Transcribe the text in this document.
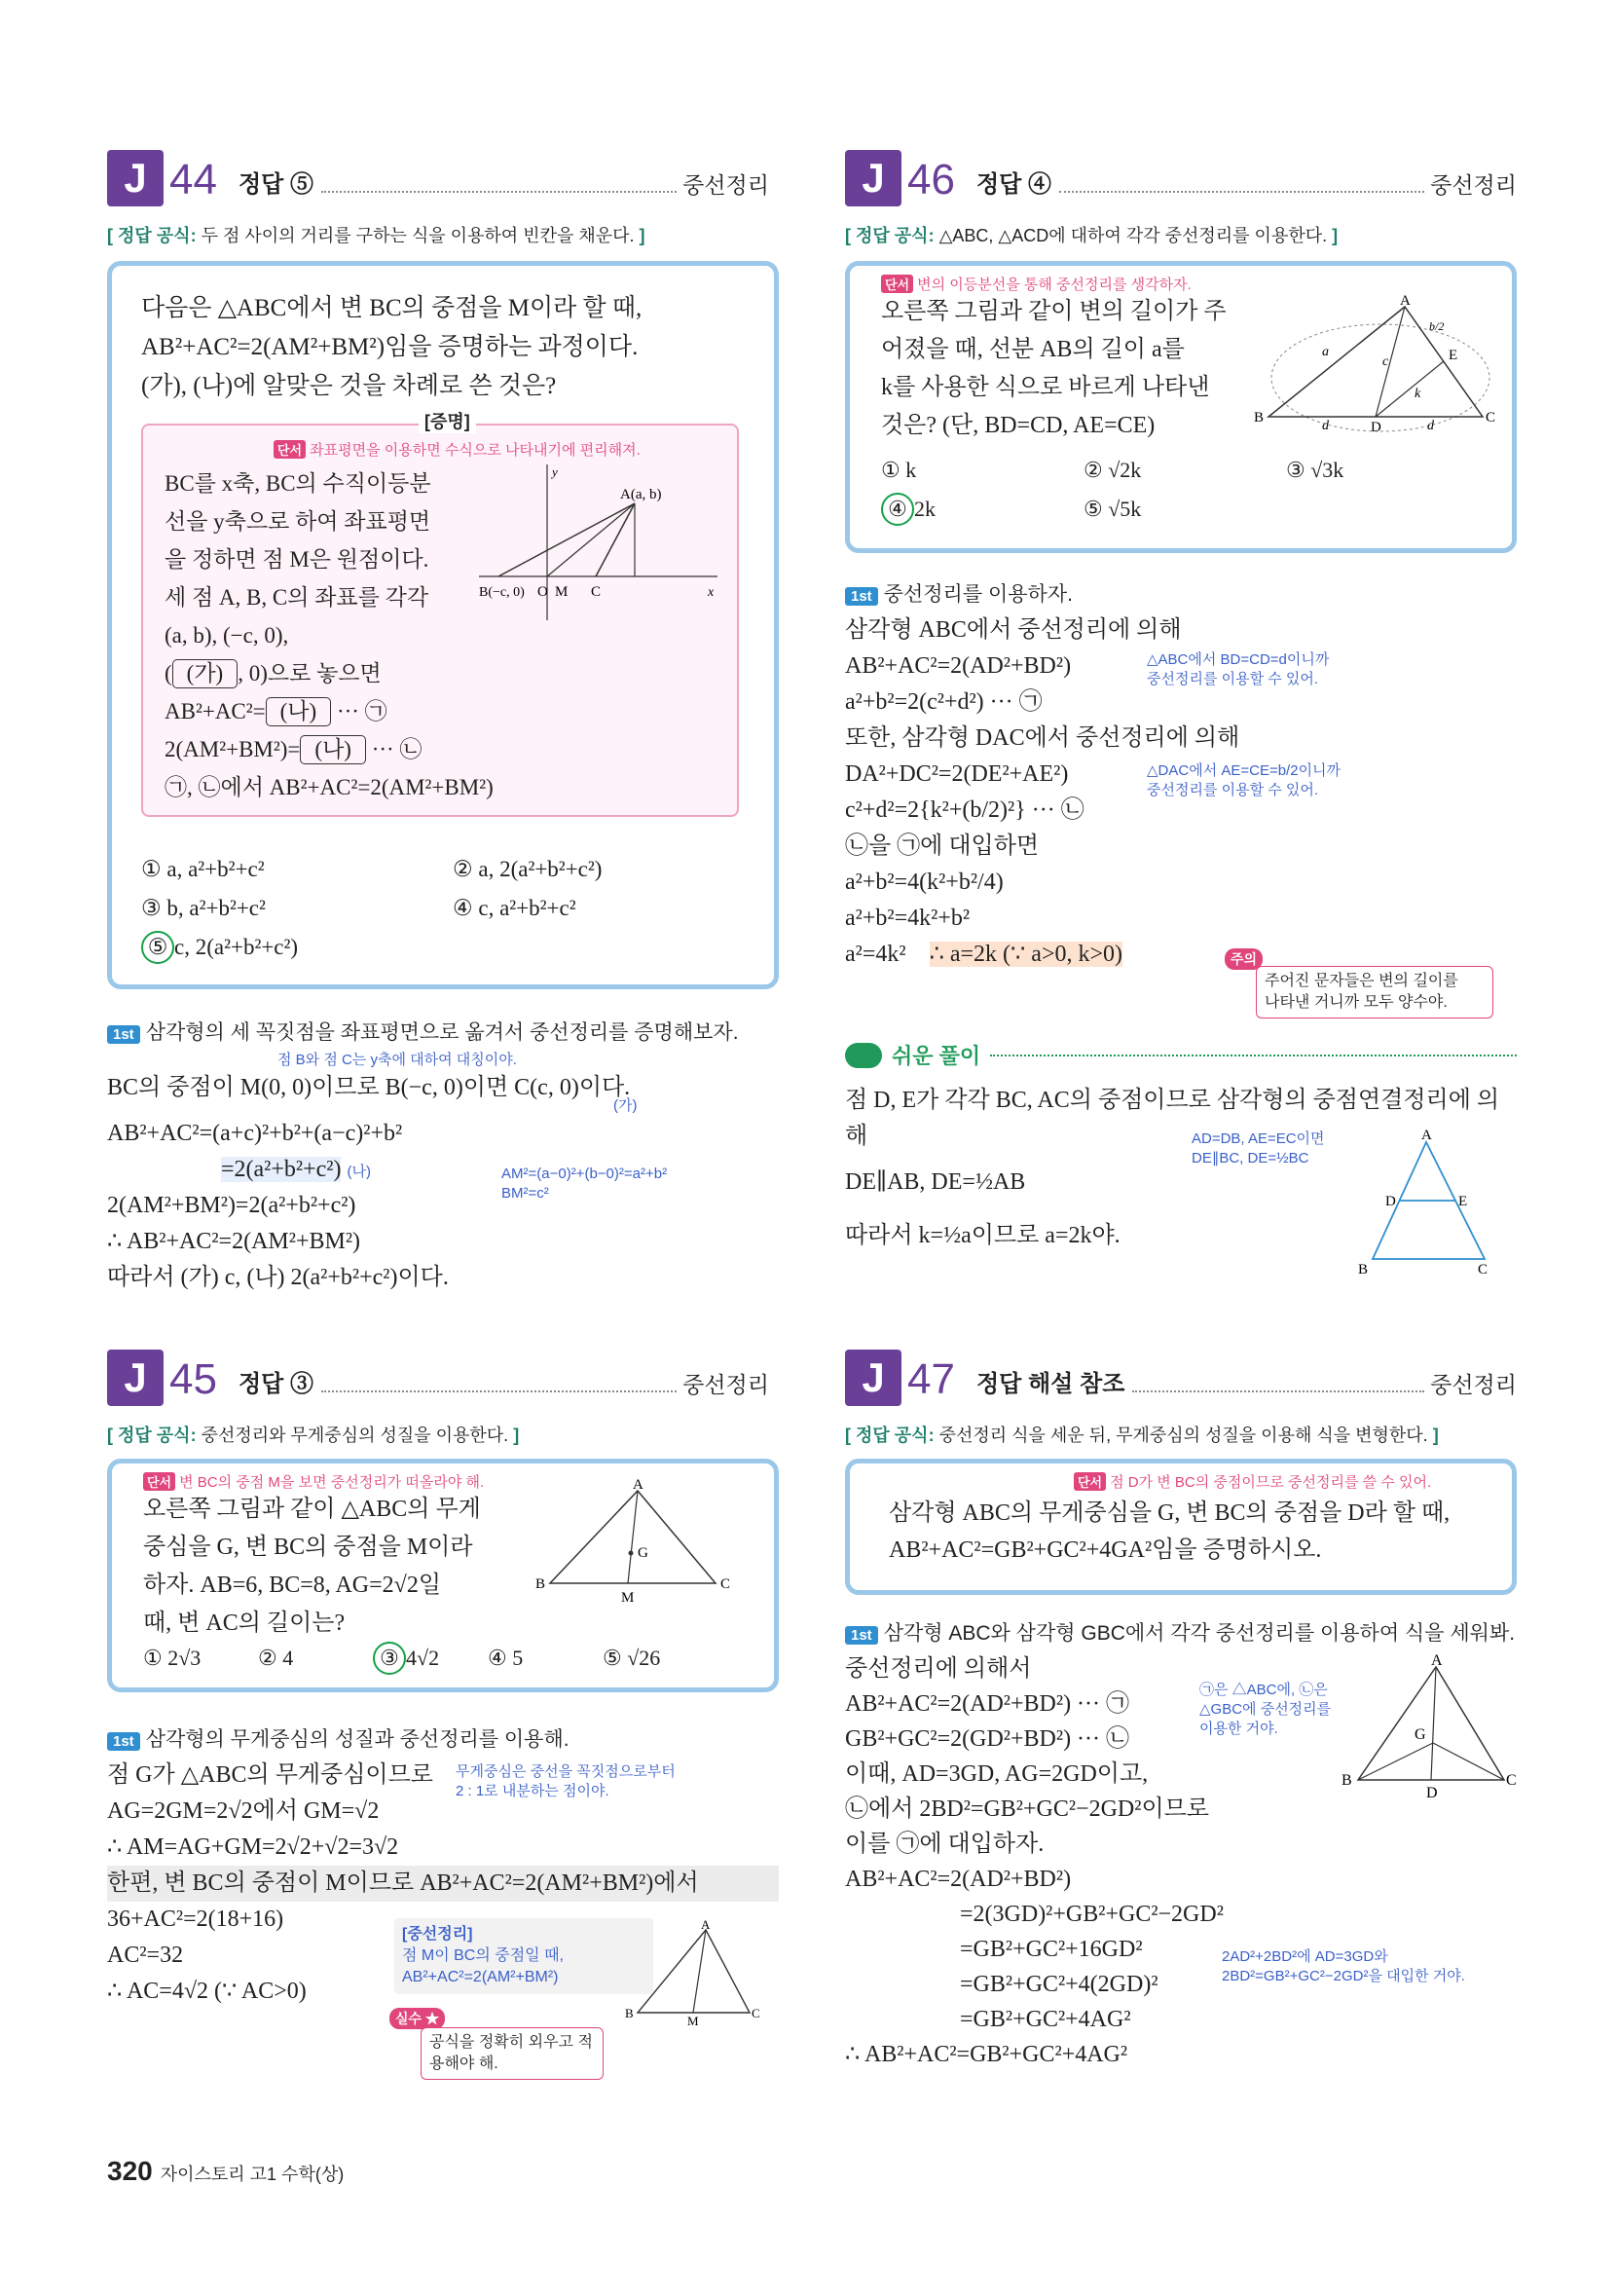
J 44 정답 ⑤	중선정리
[ 정답 공식: 두 점 사이의 거리를 구하는 식을 이용하여 빈칸을 채운다. ]
다음은 △ABC에서 변 BC의 중점을 M이라 할 때,
AB²+AC²=2(AM²+BM²)임을 증명하는 과정이다.
(가), (나)에 알맞은 것을 차례로 쓴 것은?
[증명]
단서 좌표평면을 이용하면 수식으로 나타내기에 편리해져.
BC를 x축, BC의 수직이등분
선을 y축으로 하여 좌표평면
을 정하면 점 M은 원점이다.
세 점 A, B, C의 좌표를 각각
(a, b), (−c, 0),
( (가) , 0)으로 놓으면
AB²+AC²= (나) ··· ㉠
2(AM²+BM²)= (나) ··· ㉡
㉠, ㉡에서 AB²+AC²=2(AM²+BM²)
y
A(a, b)
B(−c, 0) O M C	x
① a, a²+b²+c²	② a, 2(a²+b²+c²)
③ b, a²+b²+c²	④ c, a²+b²+c²
⑤ c, 2(a²+b²+c²)
1st 삼각형의 세 꼭짓점을 좌표평면으로 옮겨서 중선정리를 증명해보자.
점 B와 점 C는 y축에 대하여 대칭이야.
BC의 중점이 M(0, 0)이므로 B(−c, 0)이면 C(c, 0)이다.
(가)
AB²+AC²=(a+c)²+b²+(a−c)²+b²
=2(a²+b²+c²) (나)
2(AM²+BM²)=2(a²+b²+c²)
∴ AB²+AC²=2(AM²+BM²)
따라서 (가) c, (나) 2(a²+b²+c²)이다.
AM²=(a−0)²+(b−0)²=a²+b²
BM²=c²
J 45 정답 ③	중선정리
[ 정답 공식: 중선정리와 무게중심의 성질을 이용한다. ]
단서 변 BC의 중점 M을 보면 중선정리가 떠올라야 해.
오른쪽 그림과 같이 △ABC의 무게
중심을 G, 변 BC의 중점을 M이라
하자. AB=6, BC=8, AG=2√2일
때, 변 AC의 길이는?
A
B	C
G
M
① 2√3	② 4	③ 4√2	④ 5	⑤ √26
1st 삼각형의 무게중심의 성질과 중선정리를 이용해.
점 G가 △ABC의 무게중심이므로
AG=2GM=2√2에서 GM=√2
∴ AM=AG+GM=2√2+√2=3√2
한편, 변 BC의 중점이 M이므로 AB²+AC²=2(AM²+BM²)에서
36+AC²=2(18+16)
AC²=32
∴ AC=4√2 (∵ AC>0)
무게중심은 중선을 꼭짓점으로부터
2 : 1로 내분하는 점이야.
[중선정리]
점 M이 BC의 중점일 때,
AB²+AC²=2(AM²+BM²)
A
B	C
M
실수 ★
공식을 정확히 외우고 적용해야 해.
J 46 정답 ④	중선정리
[ 정답 공식: △ABC, △ACD에 대하여 각각 중선정리를 이용한다. ]
단서 변의 이등분선을 통해 중선정리를 생각하자.
오른쪽 그림과 같이 변의 길이가 주
어졌을 때, 선분 AB의 길이 a를
k를 사용한 식으로 바르게 나타낸
것은? (단, BD=CD, AE=CE)
A
B	C
D
E
a
c
k
d	d
b/2
① k	② √2k	③ √3k
④ 2k	⑤ √5k
1st 중선정리를 이용하자.
삼각형 ABC에서 중선정리에 의해
AB²+AC²=2(AD²+BD²)
a²+b²=2(c²+d²) ··· ㉠
또한, 삼각형 DAC에서 중선정리에 의해
DA²+DC²=2(DE²+AE²)
c²+d²=2{k²+(b/2)²} ··· ㉡
㉡을 ㉠에 대입하면
a²+b²=4(k²+b²/4)
a²+b²=4k²+b²
a²=4k² ∴ a=2k (∵ a>0, k>0)
△ABC에서 BD=CD=d이니까
중선정리를 이용할 수 있어.
△DAC에서 AE=CE=b/2이니까
중선정리를 이용할 수 있어.
주의
주어진 문자들은 변의 길이를
나타낸 거니까 모두 양수야.
쉬운 풀이
점 D, E가 각각 BC, AC의 중점이므로 삼각형의 중점연결정리에 의해
DE∥AB, DE=½AB
따라서 k=½a이므로 a=2k야.
AD=DB, AE=EC이면
DE∥BC, DE=½BC
A
B	C
D	E
J 47 정답 해설 참조	중선정리
[ 정답 공식: 중선정리 식을 세운 뒤, 무게중심의 성질을 이용해 식을 변형한다. ]
단서 점 D가 변 BC의 중점이므로 중선정리를 쓸 수 있어.
삼각형 ABC의 무게중심을 G, 변 BC의 중점을 D라 할 때,
AB²+AC²=GB²+GC²+4GA²임을 증명하시오.
1st 삼각형 ABC와 삼각형 GBC에서 각각 중선정리를 이용하여 식을 세워봐.
중선정리에 의해서
AB²+AC²=2(AD²+BD²) ··· ㉠
GB²+GC²=2(GD²+BD²) ··· ㉡
이때, AD=3GD, AG=2GD이고,
㉡에서 2BD²=GB²+GC²−2GD²이므로
이를 ㉠에 대입하자.
AB²+AC²=2(AD²+BD²)
=2(3GD)²+GB²+GC²−2GD²
=GB²+GC²+16GD²
=GB²+GC²+4(2GD)²
=GB²+GC²+4AG²
∴ AB²+AC²=GB²+GC²+4AG²
㉠은 △ABC에, ㉡은
△GBC에 중선정리를
이용한 거야.
2AD²+2BD²에 AD=3GD와
2BD²=GB²+GC²−2GD²을 대입한 거야.
A
B	C
D
G
320 자이스토리 고1 수학(상)
